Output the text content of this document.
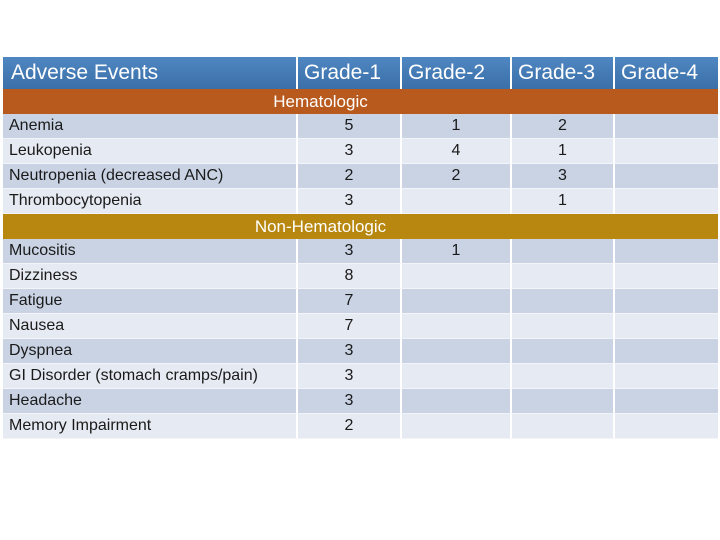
Adverse Events	Grade-1	Grade-2	Grade-3	Grade-4
Hematologic				
Anemia	5	1	2	
Leukopenia	3	4	1	
Neutropenia (decreased ANC)	2	2	3	
Thrombocytopenia	3		1	
Non-Hematologic				
Mucositis	3	1		
Dizziness	8			
Fatigue	7			
Nausea	7			
Dyspnea	3			
GI Disorder (stomach cramps/pain)	3			
Headache	3			
Memory Impairment	2			
